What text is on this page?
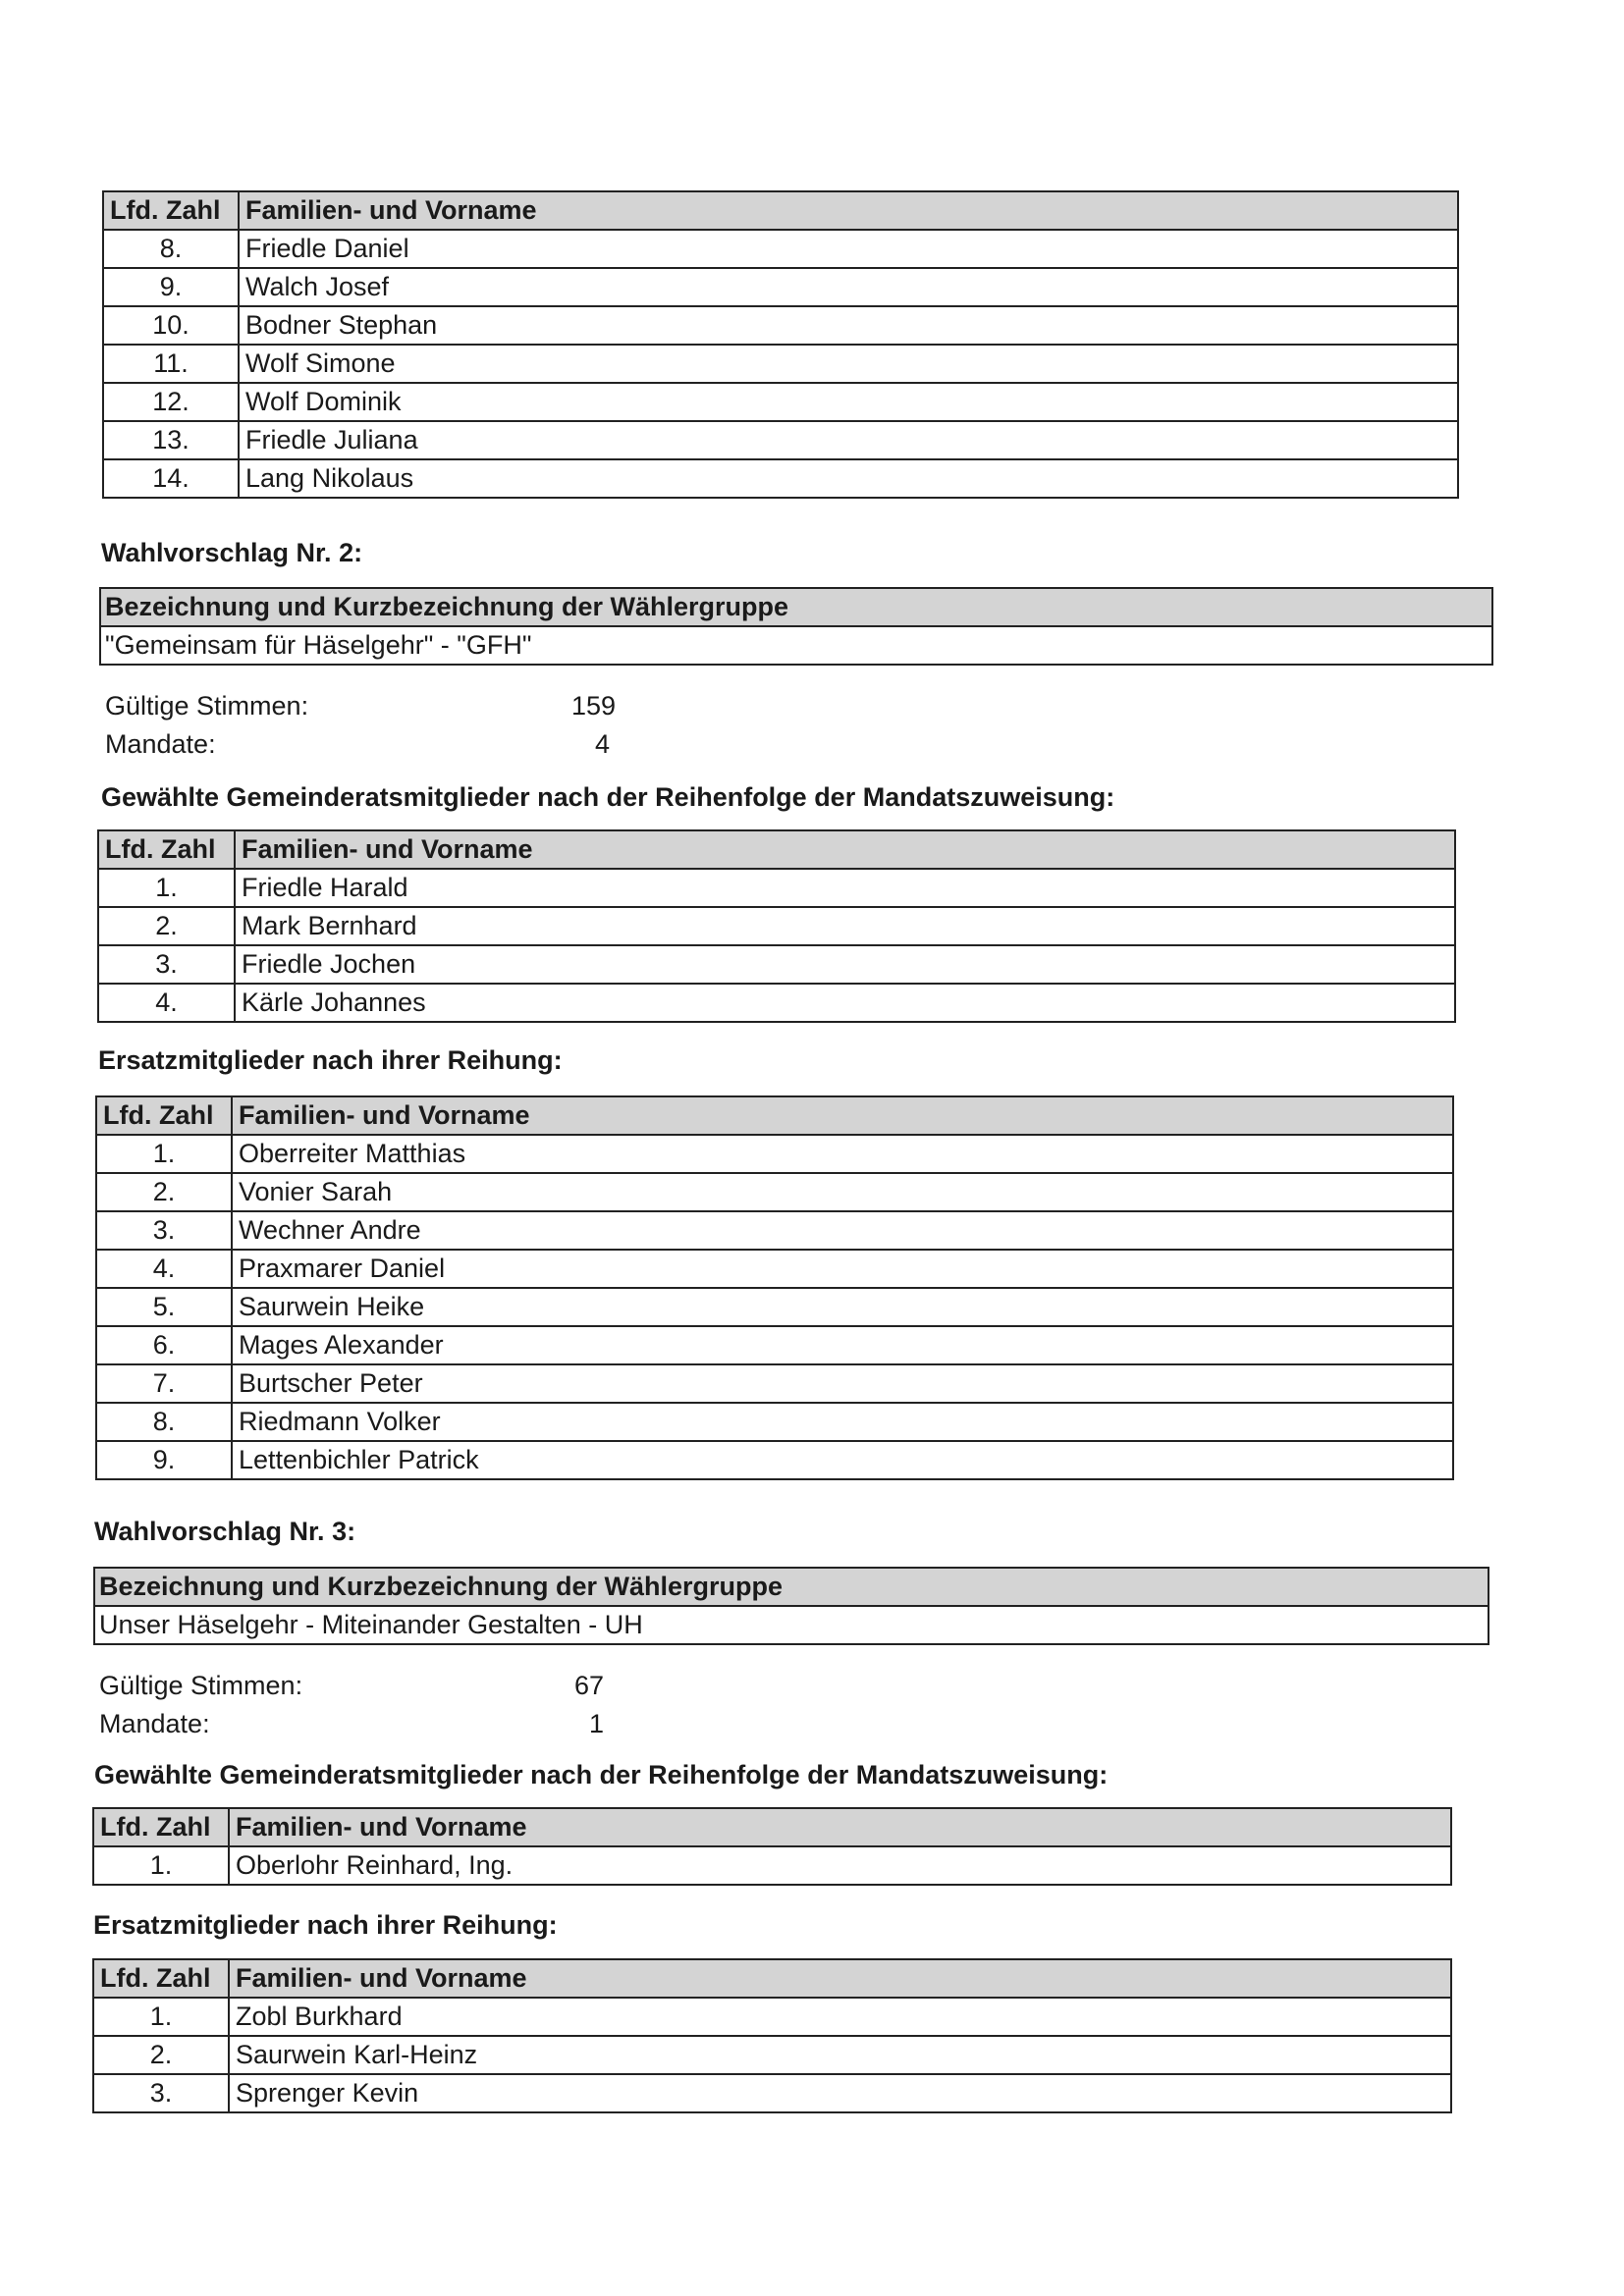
Lfd. Zahl	Familien- und Vorname
8.	Friedle Daniel
9.	Walch Josef
10.	Bodner Stephan
11.	Wolf Simone
12.	Wolf Dominik
13.	Friedle Juliana
14.	Lang Nikolaus
Wahlvorschlag Nr. 2:
Bezeichnung und Kurzbezeichnung der Wählergruppe
"Gemeinsam für Häselgehr" - "GFH"
Gültige Stimmen:	159
Mandate:	4
Gewählte Gemeinderatsmitglieder nach der Reihenfolge der Mandatszuweisung:
Lfd. Zahl	Familien- und Vorname
1.	Friedle Harald
2.	Mark Bernhard
3.	Friedle Jochen
4.	Kärle Johannes
Ersatzmitglieder nach ihrer Reihung:
Lfd. Zahl	Familien- und Vorname
1.	Oberreiter Matthias
2.	Vonier Sarah
3.	Wechner Andre
4.	Praxmarer Daniel
5.	Saurwein Heike
6.	Mages Alexander
7.	Burtscher Peter
8.	Riedmann Volker
9.	Lettenbichler Patrick
Wahlvorschlag Nr. 3:
Bezeichnung und Kurzbezeichnung der Wählergruppe
Unser Häselgehr - Miteinander Gestalten - UH
Gültige Stimmen:	67
Mandate:	1
Gewählte Gemeinderatsmitglieder nach der Reihenfolge der Mandatszuweisung:
Lfd. Zahl	Familien- und Vorname
1.	Oberlohr Reinhard, Ing.
Ersatzmitglieder nach ihrer Reihung:
Lfd. Zahl	Familien- und Vorname
1.	Zobl Burkhard
2.	Saurwein Karl-Heinz
3.	Sprenger Kevin
